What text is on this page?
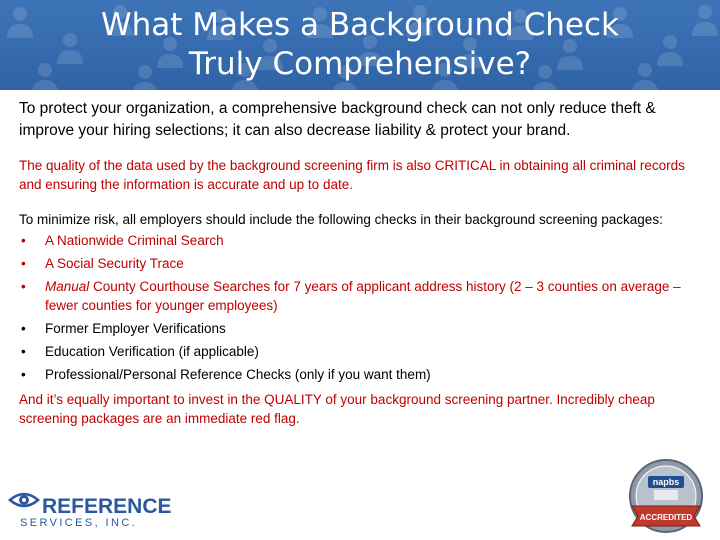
What Makes a Background Check
Truly Comprehensive?

To protect your organization, a comprehensive background check can not only reduce theft & improve your hiring selections; it can also decrease liability & protect your brand.

The quality of the data used by the background screening firm is also CRITICAL in obtaining all criminal records and ensuring the information is accurate and up to date.

To minimize risk, all employers should include the following checks in their background screening packages:

• A Nationwide Criminal Search
• A Social Security Trace
• Manual County Courthouse Searches for 7 years of applicant address history (2 – 3 counties on average – fewer counties for younger employees)
• Former Employer Verifications
• Education Verification (if applicable)
• Professional/Personal Reference Checks (only if you want them)

And it’s equally important to invest in the QUALITY of your background screening partner. Incredibly cheap screening packages are an immediate red flag.

REFERENCE
SERVICES, INC.
napbs
ACCREDITED
